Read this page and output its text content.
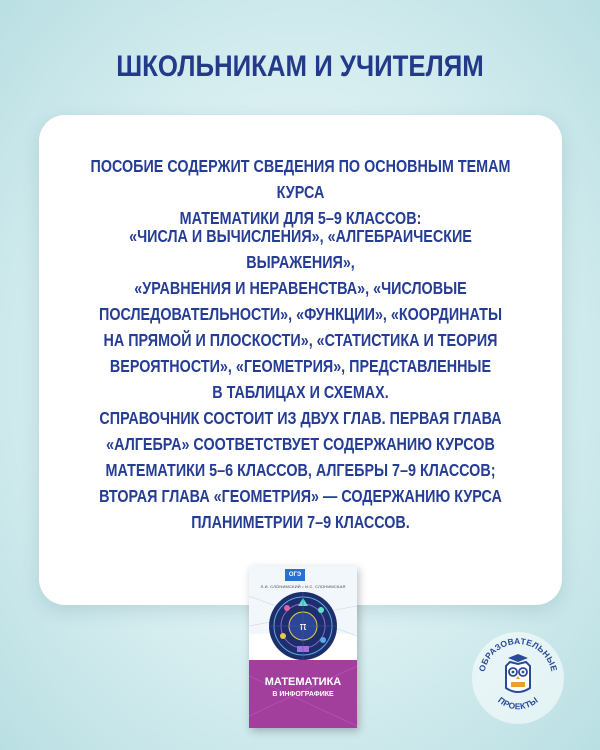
ШКОЛЬНИКАМ И УЧИТЕЛЯМ
ПОСОБИЕ СОДЕРЖИТ СВЕДЕНИЯ ПО ОСНОВНЫМ ТЕМАМ КУРСА
МАТЕМАТИКИ ДЛЯ 5–9 КЛАССОВ:
«ЧИСЛА И ВЫЧИСЛЕНИЯ», «АЛГЕБРАИЧЕСКИЕ ВЫРАЖЕНИЯ»,
«УРАВНЕНИЯ И НЕРАВЕНСТВА», «ЧИСЛОВЫЕ
ПОСЛЕДОВАТЕЛЬНОСТИ», «ФУНКЦИИ», «КООРДИНАТЫ
НА ПРЯМОЙ И ПЛОСКОСТИ», «СТАТИСТИКА И ТЕОРИЯ
ВЕРОЯТНОСТИ», «ГЕОМЕТРИЯ», ПРЕДСТАВЛЕННЫЕ
В ТАБЛИЦАХ И СХЕМАХ.
СПРАВОЧНИК СОСТОИТ ИЗ ДВУХ ГЛАВ. ПЕРВАЯ ГЛАВА
«АЛГЕБРА» СООТВЕТСТВУЕТ СОДЕРЖАНИЮ КУРСОВ
МАТЕМАТИКИ 5–6 КЛАССОВ, АЛГЕБРЫ 7–9 КЛАССОВ;
ВТОРАЯ ГЛАВА «ГЕОМЕТРИЯ» — СОДЕРЖАНИЮ КУРСА
ПЛАНИМЕТРИИ 7–9 КЛАССОВ.
ОГЭ
Л.И. СЛОНИМСКИЙ • И.С. СЛОНИМСКАЯ
π
МАТЕМАТИКА
В ИНФОГРАФИКЕ
ОБРАЗОВАТЕЛЬНЫЕ
ПРОЕКТЫ
